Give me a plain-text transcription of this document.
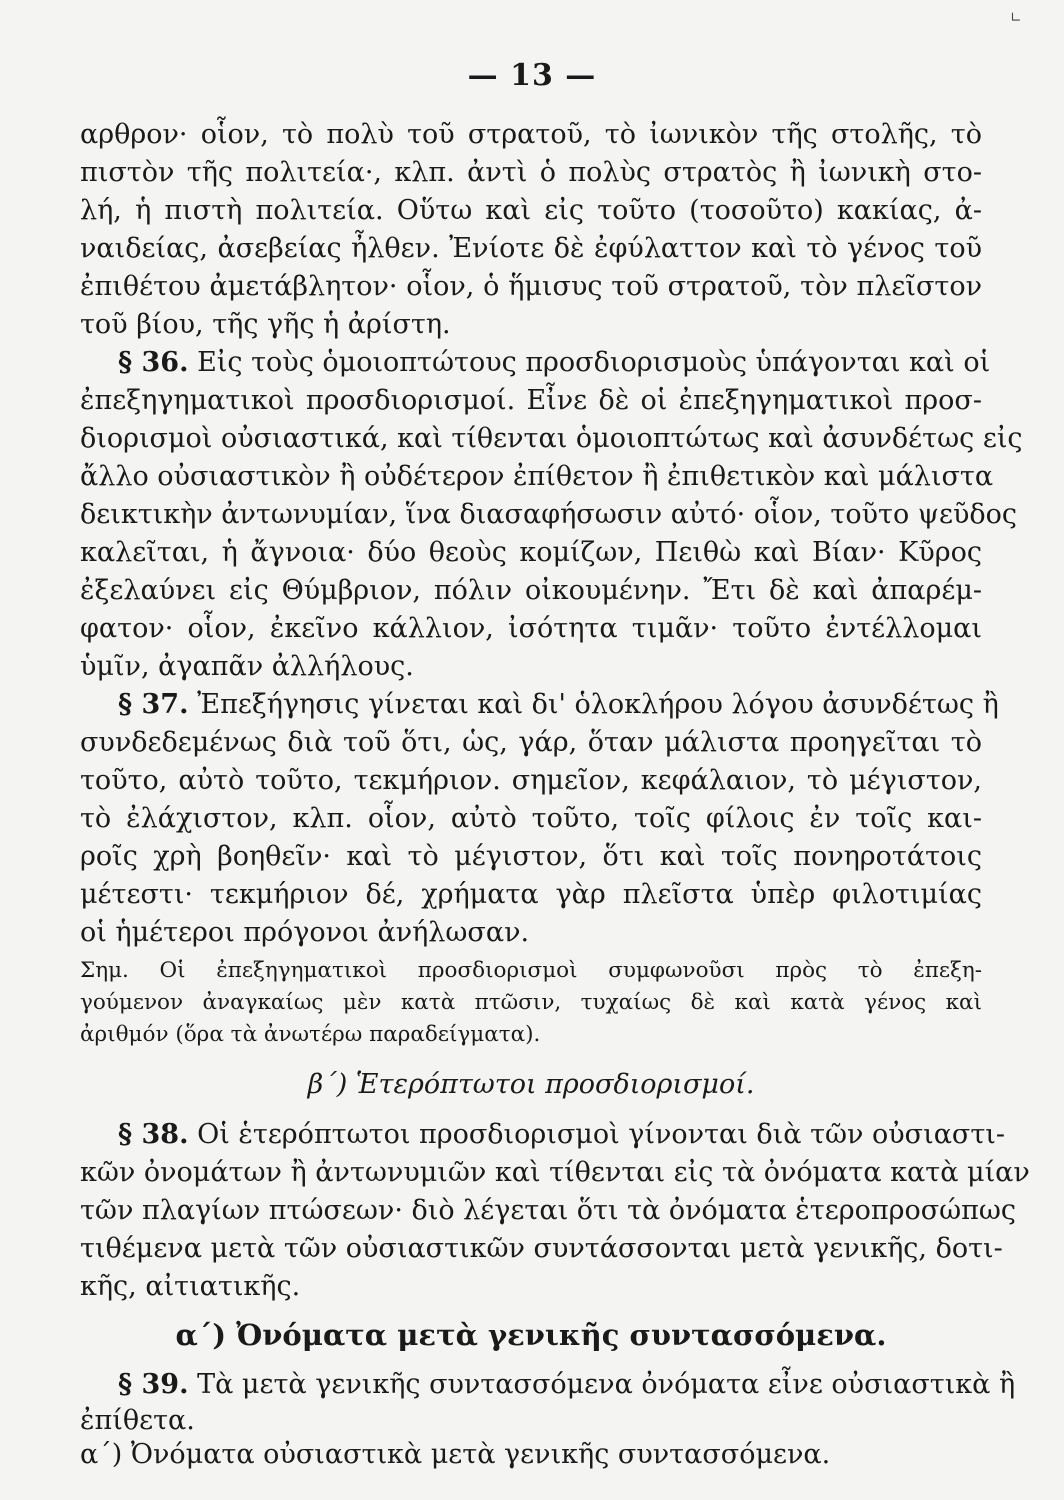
∟
— 13 —
αρθρον· οἷον, τὸ πολὺ τοῦ στρατοῦ, τὸ ἰωνικὸν τῆς στολῆς, τὸ
πιστὸν τῆς πολιτεία·, κλπ. ἀντὶ ὁ πολὺς στρατὸς ἢ ἰωνικὴ στο-
λή, ἡ πιστὴ πολιτεία. Οὕτω καὶ εἰς τοῦτο (τοσοῦτο) κακίας, ἀ-
ναιδείας, ἀσεβείας ἦλθεν. Ἐνίοτε δὲ ἐφύλαττον καὶ τὸ γένος τοῦ
ἐπιθέτου ἀμετάβλητον· οἷον, ὁ ἥμισυς τοῦ στρατοῦ, τὸν πλεῖστον
τοῦ βίου, τῆς γῆς ἡ ἀρίστη.
§ 36. Εἰς τοὺς ὁμοιοπτώτους προσδιορισμοὺς ὑπάγονται καὶ οἱ
ἐπεξηγηματικοὶ προσδιορισμοί. Εἶνε δὲ οἱ ἐπεξηγηματικοὶ προσ-
διορισμοὶ οὐσιαστικά, καὶ τίθενται ὁμοιοπτώτως καὶ ἀσυνδέτως εἰς
ἄλλο οὐσιαστικὸν ἢ οὐδέτερον ἐπίθετον ἢ ἐπιθετικὸν καὶ μάλιστα
δεικτικὴν ἀντωνυμίαν, ἵνα διασαφήσωσιν αὐτό· οἷον, τοῦτο ψεῦδος
καλεῖται, ἡ ἄγνοια· δύο θεοὺς κομίζων, Πειθὼ καὶ Βίαν· Κῦρος
ἐξελαύνει εἰς Θύμβριον, πόλιν οἰκουμένην. Ἔτι δὲ καὶ ἀπαρέμ-
φατον· οἷον, ἐκεῖνο κάλλιον, ἰσότητα τιμᾶν· τοῦτο ἐντέλλομαι
ὑμῖν, ἀγαπᾶν ἀλλήλους.
§ 37. Ἐπεξήγησις γίνεται καὶ δι' ὁλοκλήρου λόγου ἀσυνδέτως ἢ
συνδεδεμένως διὰ τοῦ ὅτι, ὡς, γάρ, ὅταν μάλιστα προηγεῖται τὸ
τοῦτο, αὐτὸ τοῦτο, τεκμήριον. σημεῖον, κεφάλαιον, τὸ μέγιστον,
τὸ ἐλάχιστον, κλπ. οἷον, αὐτὸ τοῦτο, τοῖς φίλοις ἐν τοῖς και-
ροῖς χρὴ βοηθεῖν· καὶ τὸ μέγιστον, ὅτι καὶ τοῖς πονηροτάτοις
μέτεστι· τεκμήριον δέ, χρήματα γὰρ πλεῖστα ὑπὲρ φιλοτιμίας
οἱ ἡμέτεροι πρόγονοι ἀνήλωσαν.
Σημ. Οἱ ἐπεξηγηματικοὶ προσδιορισμοὶ συμφωνοῦσι πρὸς τὸ ἐπεξη-
γούμενον ἀναγκαίως μὲν κατὰ πτῶσιν, τυχαίως δὲ καὶ κατὰ γένος καὶ
ἀριθμόν (ὅρα τὰ ἀνωτέρω παραδείγματα).
β΄) Ἑτερόπτωτοι προσδιορισμοί.
§ 38. Οἱ ἑτερόπτωτοι προσδιορισμοὶ γίνονται διὰ τῶν οὐσιαστι-
κῶν ὀνομάτων ἢ ἀντωνυμιῶν καὶ τίθενται εἰς τὰ ὀνόματα κατὰ μίαν
τῶν πλαγίων πτώσεων· διὸ λέγεται ὅτι τὰ ὀνόματα ἑτεροπροσώπως
τιθέμενα μετὰ τῶν οὐσιαστικῶν συντάσσονται μετὰ γενικῆς, δοτι-
κῆς, αἰτιατικῆς.
α΄) Ὀνόματα μετὰ γενικῆς συντασσόμενα.
§ 39. Τὰ μετὰ γενικῆς συντασσόμενα ὀνόματα εἶνε οὐσιαστικὰ ἢ
ἐπίθετα.
α΄) Ὀνόματα οὐσιαστικὰ μετὰ γενικῆς συντασσόμενα.
